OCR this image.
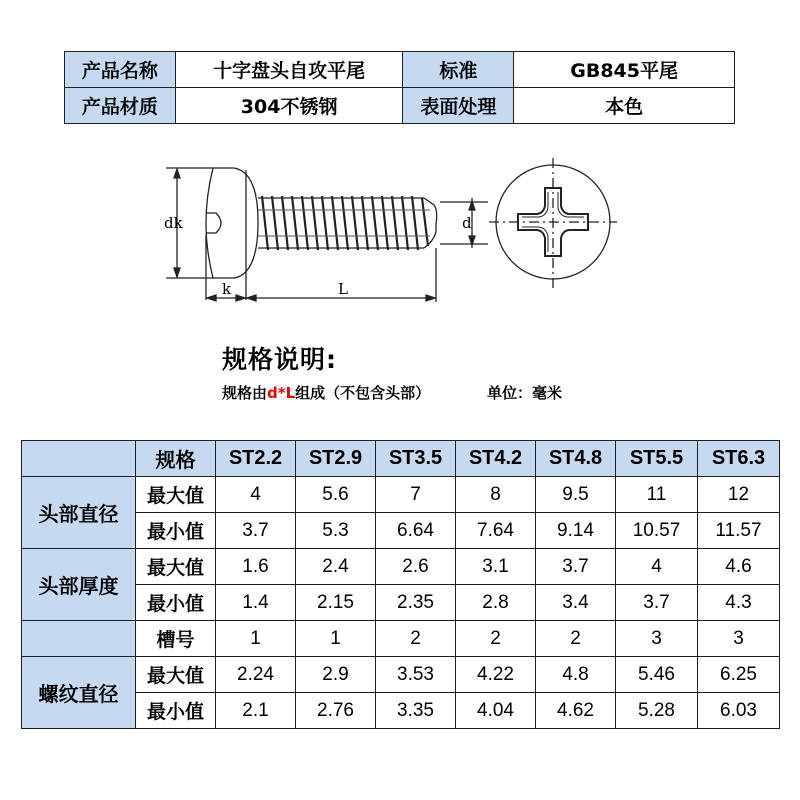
产品名称	十字盘头自攻平尾	标准	GB845平尾
产品材质	304不锈钢	表面处理	本色
dk
k	L
d
规格说明:
规格由d*L组成（不包含头部）	单位：毫米
	规格	ST2.2	ST2.9	ST3.5	ST4.2	ST4.8	ST5.5	ST6.3
头部直径	最大值	4	5.6	7	8	9.5	11	12
	最小值	3.7	5.3	6.64	7.64	9.14	10.57	11.57
头部厚度	最大值	1.6	2.4	2.6	3.1	3.7	4	4.6
	最小值	1.4	2.15	2.35	2.8	3.4	3.7	4.3
	槽号	1	1	2	2	2	3	3
螺纹直径	最大值	2.24	2.9	3.53	4.22	4.8	5.46	6.25
	最小值	2.1	2.76	3.35	4.04	4.62	5.28	6.03
